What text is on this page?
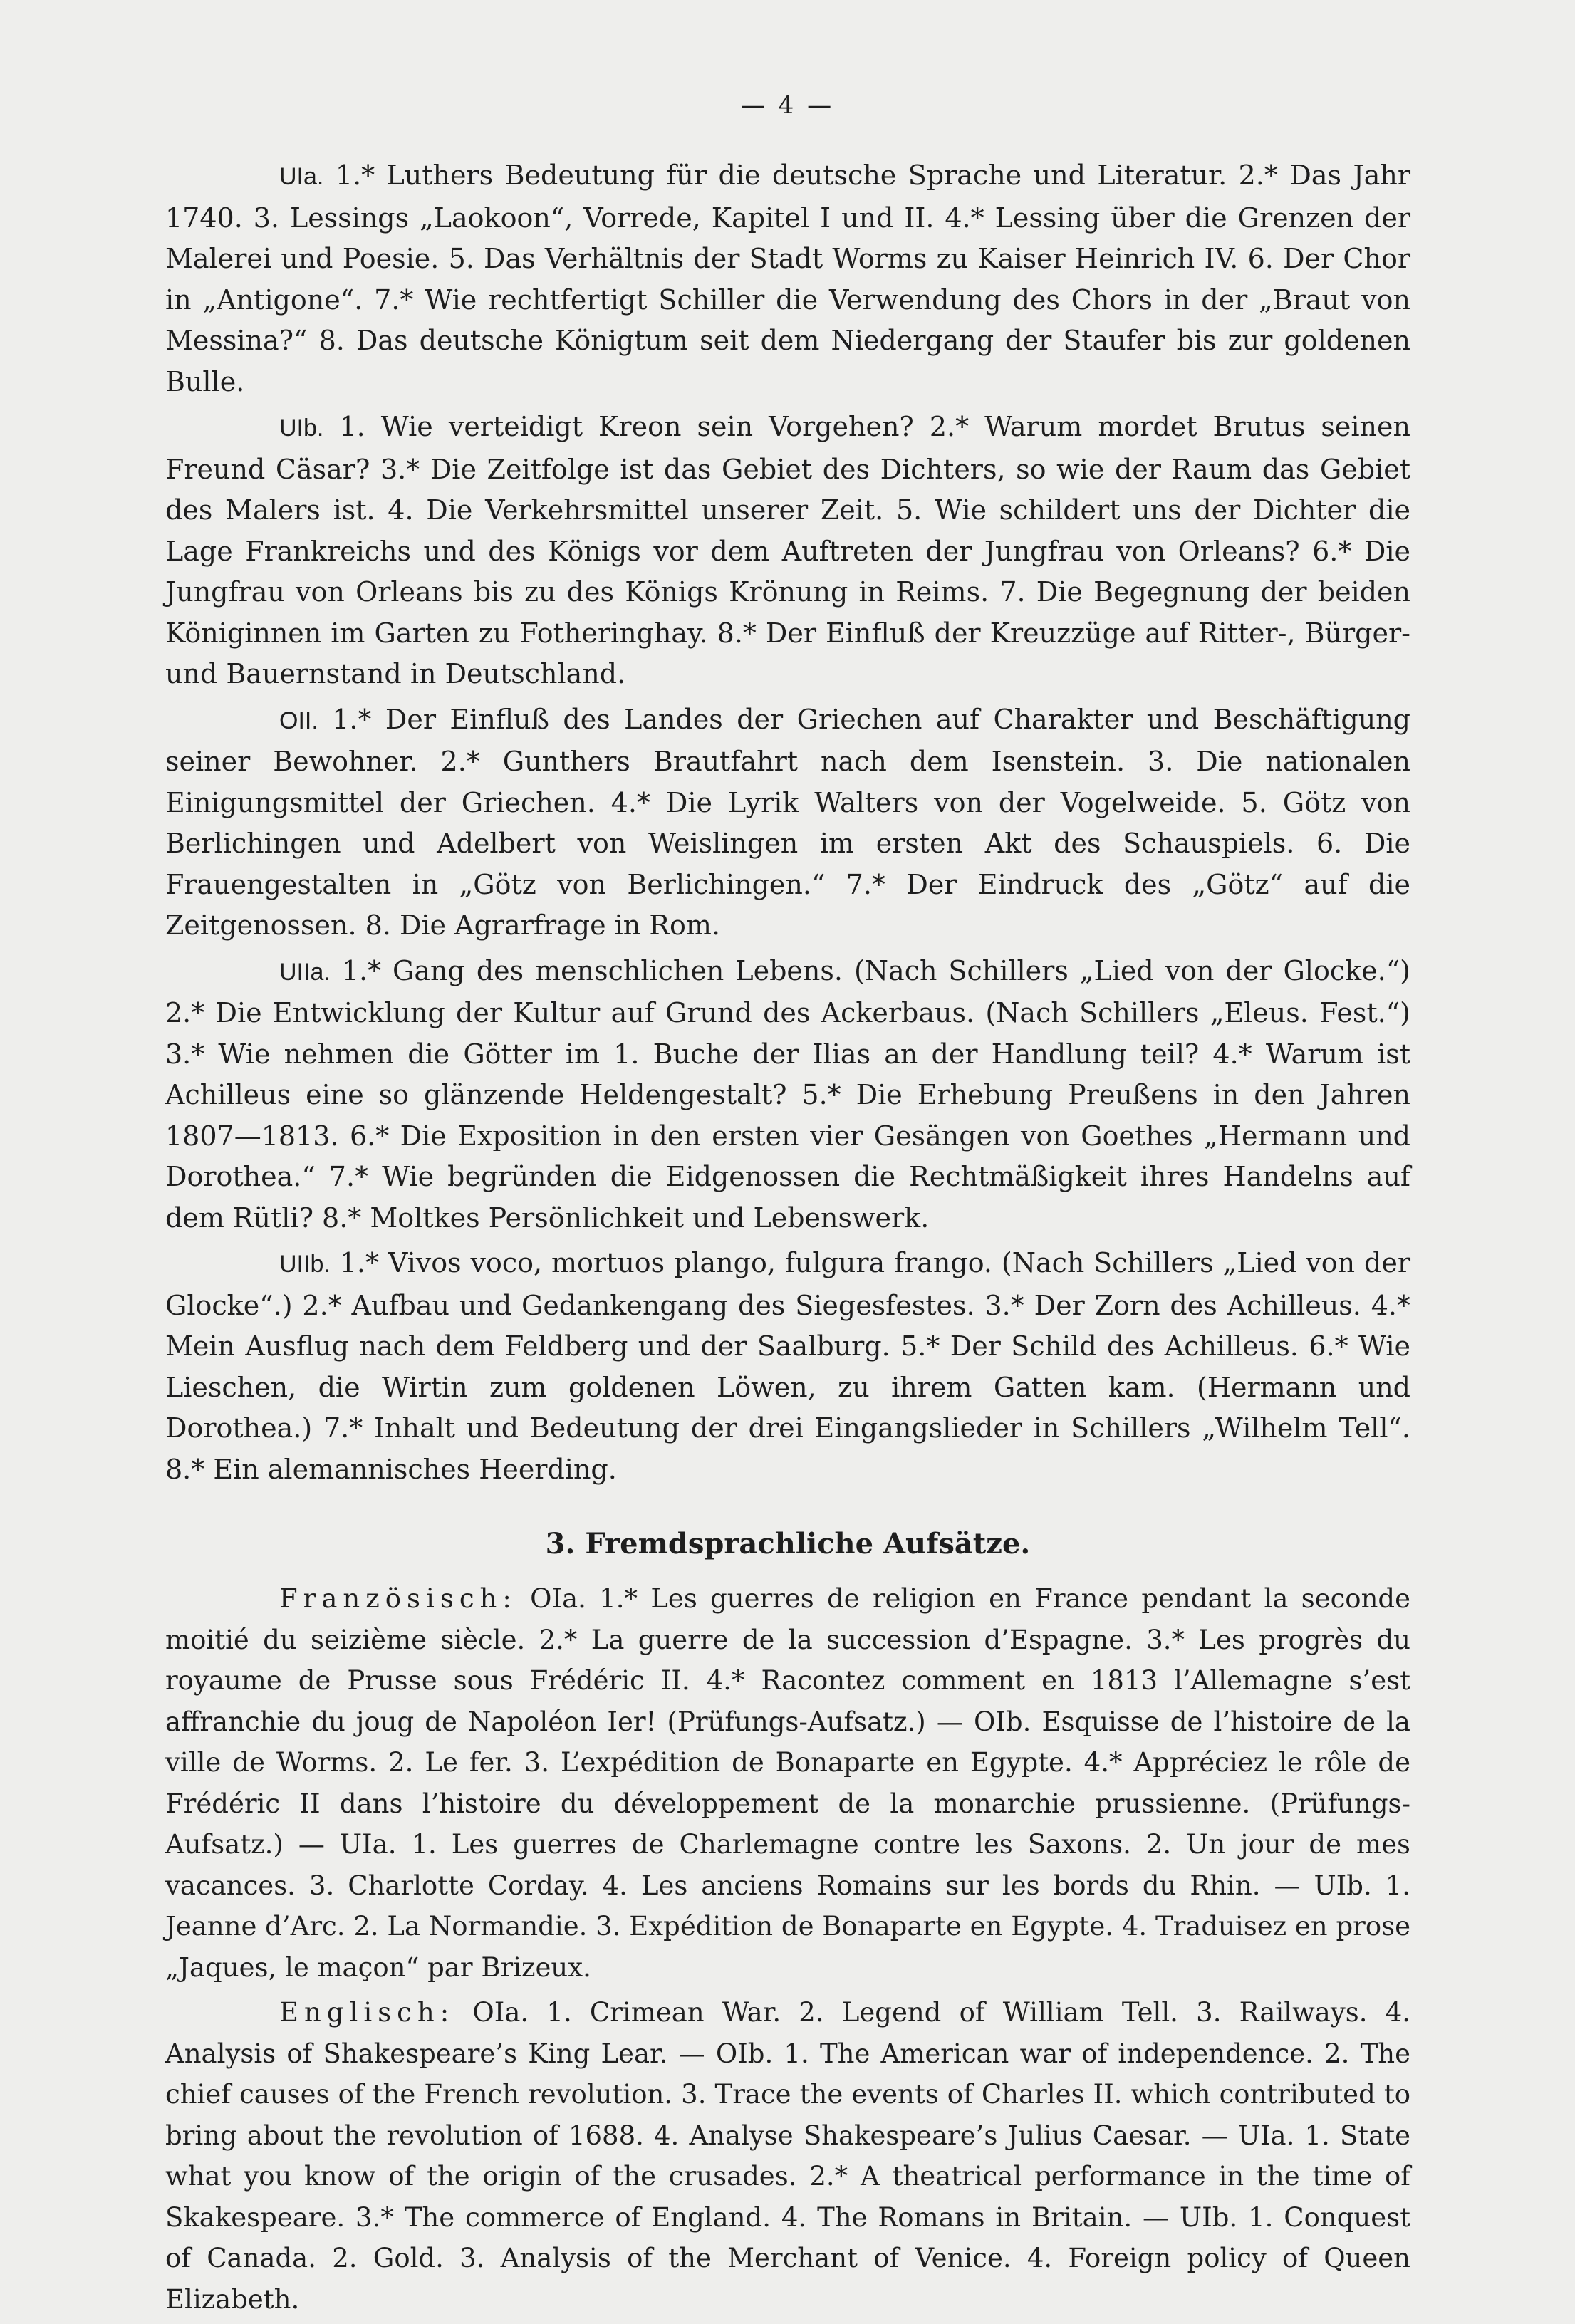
— 4 —

UIa. 1.* Luthers Bedeutung für die deutsche Sprache und Literatur. 2.* Das Jahr 1740. 3. Lessings „Laokoon“, Vorrede, Kapitel I und II. 4.* Lessing über die Grenzen der Malerei und Poesie. 5. Das Verhältnis der Stadt Worms zu Kaiser Heinrich IV. 6. Der Chor in „Antigone“. 7.* Wie rechtfertigt Schiller die Verwendung des Chors in der „Braut von Messina?“ 8. Das deutsche Königtum seit dem Niedergang der Staufer bis zur goldenen Bulle.

UIb. 1. Wie verteidigt Kreon sein Vorgehen? 2.* Warum mordet Brutus seinen Freund Cäsar? 3.* Die Zeitfolge ist das Gebiet des Dichters, so wie der Raum das Gebiet des Malers ist. 4. Die Verkehrsmittel unserer Zeit. 5. Wie schildert uns der Dichter die Lage Frankreichs und des Königs vor dem Auftreten der Jungfrau von Orleans? 6.* Die Jungfrau von Orleans bis zu des Königs Krönung in Reims. 7. Die Begegnung der beiden Königinnen im Garten zu Fotheringhay. 8.* Der Einfluß der Kreuzzüge auf Ritter-, Bürger- und Bauernstand in Deutschland.

OII. 1.* Der Einfluß des Landes der Griechen auf Charakter und Beschäftigung seiner Bewohner. 2.* Gunthers Brautfahrt nach dem Isenstein. 3. Die nationalen Einigungsmittel der Griechen. 4.* Die Lyrik Walters von der Vogelweide. 5. Götz von Berlichingen und Adelbert von Weislingen im ersten Akt des Schauspiels. 6. Die Frauengestalten in „Götz von Berlichingen.“ 7.* Der Eindruck des „Götz“ auf die Zeitgenossen. 8. Die Agrarfrage in Rom.

UIIa. 1.* Gang des menschlichen Lebens. (Nach Schillers „Lied von der Glocke.“) 2.* Die Entwicklung der Kultur auf Grund des Ackerbaus. (Nach Schillers „Eleus. Fest.“) 3.* Wie nehmen die Götter im 1. Buche der Ilias an der Handlung teil? 4.* Warum ist Achilleus eine so glänzende Heldengestalt? 5.* Die Erhebung Preußens in den Jahren 1807—1813. 6.* Die Exposition in den ersten vier Gesängen von Goethes „Hermann und Dorothea.“ 7.* Wie begründen die Eidgenossen die Rechtmäßigkeit ihres Handelns auf dem Rütli? 8.* Moltkes Persönlichkeit und Lebenswerk.

UIIb. 1.* Vivos voco, mortuos plango, fulgura frango. (Nach Schillers „Lied von der Glocke“.) 2.* Aufbau und Gedankengang des Siegesfestes. 3.* Der Zorn des Achilleus. 4.* Mein Ausflug nach dem Feldberg und der Saalburg. 5.* Der Schild des Achilleus. 6.* Wie Lieschen, die Wirtin zum goldenen Löwen, zu ihrem Gatten kam. (Hermann und Dorothea.) 7.* Inhalt und Bedeutung der drei Eingangslieder in Schillers „Wilhelm Tell“. 8.* Ein alemannisches Heerding.

3. Fremdsprachliche Aufsätze.

Französisch: OIa. 1.* Les guerres de religion en France pendant la seconde moitié du seizième siècle. 2.* La guerre de la succession d’Espagne. 3.* Les progrès du royaume de Prusse sous Frédéric II. 4.* Racontez comment en 1813 l’Allemagne s’est affranchie du joug de Napoléon Ier! (Prüfungs-Aufsatz.) — OIb. Esquisse de l’histoire de la ville de Worms. 2. Le fer. 3. L’expédition de Bonaparte en Egypte. 4.* Appréciez le rôle de Frédéric II dans l’histoire du développement de la monarchie prussienne. (Prüfungs-Aufsatz.) — UIa. 1. Les guerres de Charlemagne contre les Saxons. 2. Un jour de mes vacances. 3. Charlotte Corday. 4. Les anciens Romains sur les bords du Rhin. — UIb. 1. Jeanne d’Arc. 2. La Normandie. 3. Expédition de Bonaparte en Egypte. 4. Traduisez en prose „Jaques, le maçon“ par Brizeux.

Englisch: OIa. 1. Crimean War. 2. Legend of William Tell. 3. Railways. 4. Analysis of Shakespeare’s King Lear. — OIb. 1. The American war of independence. 2. The chief causes of the French revolution. 3. Trace the events of Charles II. which contributed to bring about the revolution of 1688. 4. Analyse Shakespeare’s Julius Caesar. — UIa. 1. State what you know of the origin of the crusades. 2.* A theatrical performance in the time of Skakespeare. 3.* The commerce of England. 4. The Romans in Britain. — UIb. 1. Conquest of Canada. 2. Gold. 3. Analysis of the Merchant of Venice. 4. Foreign policy of Queen Elizabeth.
